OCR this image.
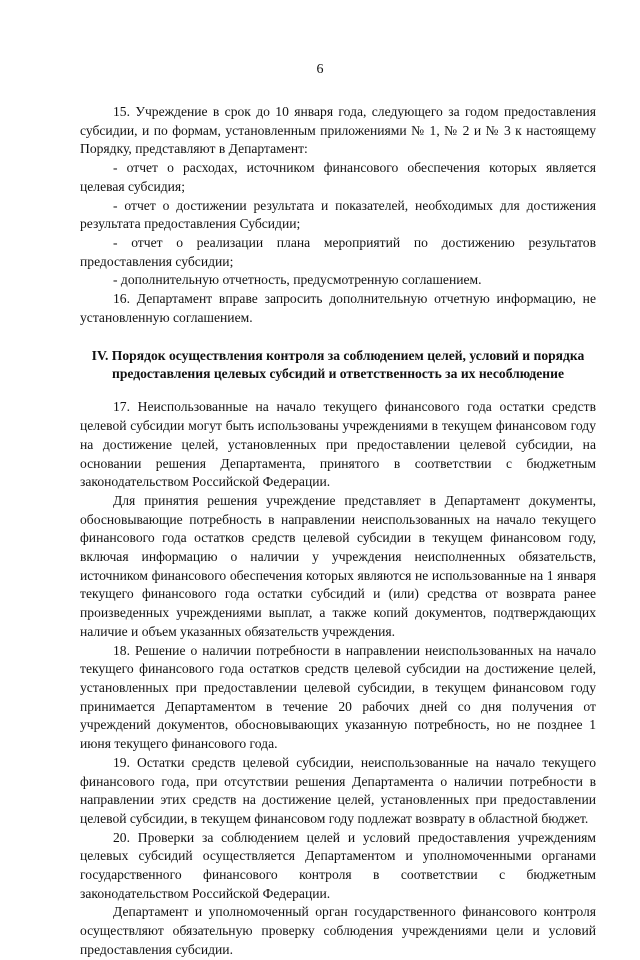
6

15. Учреждение в срок до 10 января года, следующего за годом предоставления субсидии, и по формам, установленным приложениями № 1, № 2 и № 3 к настоящему Порядку, представляют в Департамент:

- отчет о расходах, источником финансового обеспечения которых является целевая субсидия;

- отчет о достижении результата и показателей, необходимых для достижения результата предоставления Субсидии;

- отчет о реализации плана мероприятий по достижению результатов предоставления субсидии;

- дополнительную отчетность, предусмотренную соглашением.

16. Департамент вправе запросить дополнительную отчетную информацию, не установленную соглашением.

IV. Порядок осуществления контроля за соблюдением целей, условий и порядка предоставления целевых субсидий и ответственность за их несоблюдение

17. Неиспользованные на начало текущего финансового года остатки средств целевой субсидии могут быть использованы учреждениями в текущем финансовом году на достижение целей, установленных при предоставлении целевой субсидии, на основании решения Департамента, принятого в соответствии с бюджетным законодательством Российской Федерации.

Для принятия решения учреждение представляет в Департамент документы, обосновывающие потребность в направлении неиспользованных на начало текущего финансового года остатков средств целевой субсидии в текущем финансовом году, включая информацию о наличии у учреждения неисполненных обязательств, источником финансового обеспечения которых являются не использованные на 1 января текущего финансового года остатки субсидий и (или) средства от возврата ранее произведенных учреждениями выплат, а также копий документов, подтверждающих наличие и объем указанных обязательств учреждения.

18. Решение о наличии потребности в направлении неиспользованных на начало текущего финансового года остатков средств целевой субсидии на достижение целей, установленных при предоставлении целевой субсидии, в текущем финансовом году принимается Департаментом в течение 20 рабочих дней со дня получения от учреждений документов, обосновывающих указанную потребность, но не позднее 1 июня текущего финансового года.

19. Остатки средств целевой субсидии, неиспользованные на начало текущего финансового года, при отсутствии решения Департамента о наличии потребности в направлении этих средств на достижение целей, установленных при предоставлении целевой субсидии, в текущем финансовом году подлежат возврату в областной бюджет.

20. Проверки за соблюдением целей и условий предоставления учреждениям целевых субсидий осуществляется Департаментом и уполномоченными органами государственного финансового контроля в соответствии с бюджетным законодательством Российской Федерации.

Департамент и уполномоченный орган государственного финансового контроля осуществляют обязательную проверку соблюдения учреждениями цели и условий предоставления субсидии.
